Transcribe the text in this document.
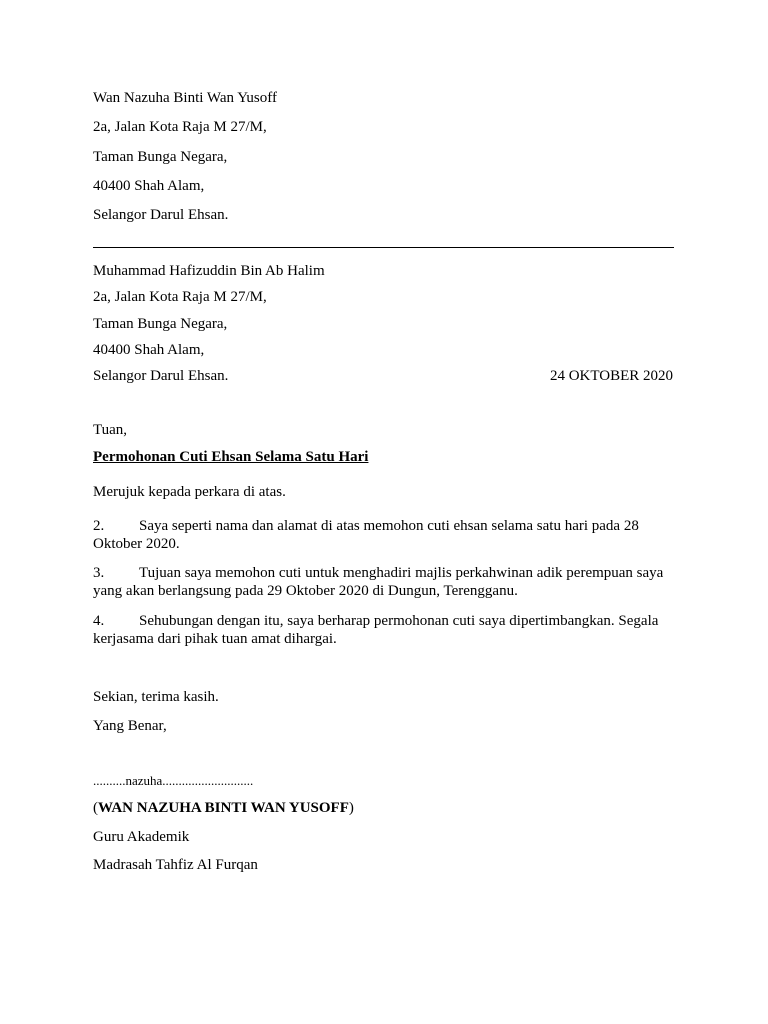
Wan Nazuha Binti Wan Yusoff
2a, Jalan Kota Raja M 27/M,
Taman Bunga Negara,
40400 Shah Alam,
Selangor Darul Ehsan.
Muhammad Hafizuddin Bin Ab Halim
2a, Jalan Kota Raja M 27/M,
Taman Bunga Negara,
40400 Shah Alam,
Selangor Darul Ehsan.	24 OKTOBER 2020
Tuan,
Permohonan Cuti Ehsan Selama Satu Hari
Merujuk kepada perkara di atas.
2. Saya seperti nama dan alamat di atas memohon cuti ehsan selama satu hari pada 28 Oktober 2020.
3. Tujuan saya memohon cuti untuk menghadiri majlis perkahwinan adik perempuan saya yang akan berlangsung pada 29 Oktober 2020 di Dungun, Terengganu.
4. Sehubungan dengan itu, saya berharap permohonan cuti saya dipertimbangkan. Segala kerjasama dari pihak tuan amat dihargai.
Sekian, terima kasih.
Yang Benar,
..........nazuha............................
(WAN NAZUHA BINTI WAN YUSOFF)
Guru Akademik
Madrasah Tahfiz Al Furqan
